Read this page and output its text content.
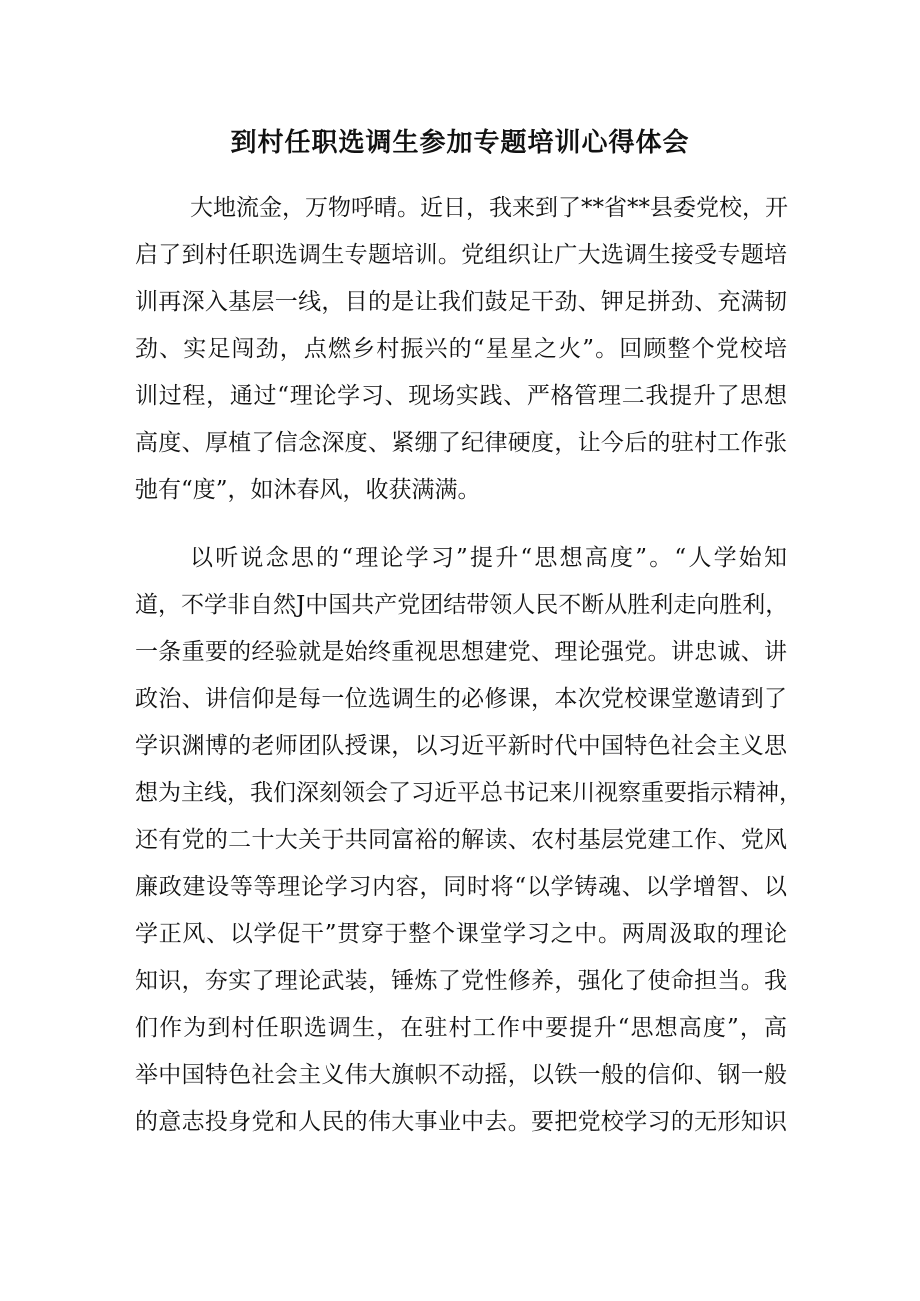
到村任职选调生参加专题培训心得体会
大地流金，万物呼晴。近日，我来到了**省**县委党校，开
启了到村任职选调生专题培训。党组织让广大选调生接受专题培
训再深入基层一线，目的是让我们鼓足干劲、钾足拼劲、充满韧
劲、实足闯劲，点燃乡村振兴的“星星之火”。回顾整个党校培
训过程，通过“理论学习、现场实践、严格管理二我提升了思想
高度、厚植了信念深度、紧绷了纪律硬度，让今后的驻村工作张
弛有“度”，如沐春风，收获满满。
以听说念思的“理论学习”提升“思想高度”。“人学始知
道，不学非自然J中国共产党团结带领人民不断从胜利走向胜利，
一条重要的经验就是始终重视思想建党、理论强党。讲忠诚、讲
政治、讲信仰是每一位选调生的必修课，本次党校课堂邀请到了
学识渊博的老师团队授课，以习近平新时代中国特色社会主义思
想为主线，我们深刻领会了习近平总书记来川视察重要指示精神，
还有党的二十大关于共同富裕的解读、农村基层党建工作、党风
廉政建设等等理论学习内容，同时将“以学铸魂、以学增智、以
学正风、以学促干”贯穿于整个课堂学习之中。两周汲取的理论
知识，夯实了理论武装，锤炼了党性修养，强化了使命担当。我
们作为到村任职选调生，在驻村工作中要提升“思想高度”，高
举中国特色社会主义伟大旗帜不动摇，以铁一般的信仰、钢一般
的意志投身党和人民的伟大事业中去。要把党校学习的无形知识
